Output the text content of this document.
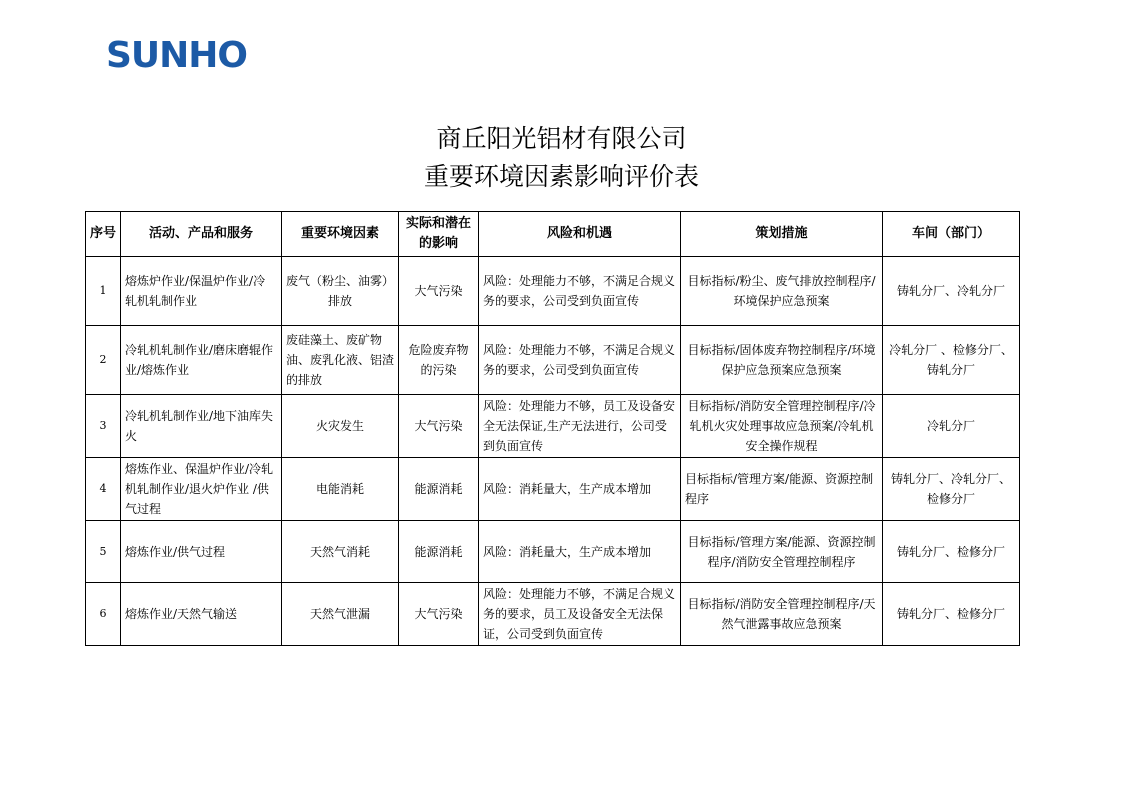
SUNHO
商丘阳光铝材有限公司
重要环境因素影响评价表
序号	活动、产品和服务	重要环境因素	实际和潜在的影响	风险和机遇	策划措施	车间（部门）
1	熔炼炉作业/保温炉作业/冷轧机轧制作业	废气（粉尘、油雾）排放	大气污染	风险：处理能力不够，不满足合规义务的要求，公司受到负面宣传	目标指标/粉尘、废气排放控制程序/环境保护应急预案	铸轧分厂、冷轧分厂
2	冷轧机轧制作业/磨床磨辊作业/熔炼作业	废硅藻土、废矿物油、废乳化液、铝渣的排放	危险废弃物的污染	风险：处理能力不够，不满足合规义务的要求，公司受到负面宣传	目标指标/固体废弃物控制程序/环境保护应急预案应急预案	冷轧分厂 、检修分厂、铸轧分厂
3	冷轧机轧制作业/地下油库失火	火灾发生	大气污染	风险：处理能力不够，员工及设备安全无法保证,生产无法进行，公司受到负面宣传	目标指标/消防安全管理控制程序/冷轧机火灾处理事故应急预案/冷轧机安全操作规程	冷轧分厂
4	熔炼作业、保温炉作业/冷轧机轧制作业/退火炉作业 /供气过程	电能消耗	能源消耗	风险：消耗量大，生产成本增加	目标指标/管理方案/能源、资源控制程序	铸轧分厂、冷轧分厂、检修分厂
5	熔炼作业/供气过程	天然气消耗	能源消耗	风险：消耗量大，生产成本增加	目标指标/管理方案/能源、资源控制程序/消防安全管理控制程序	铸轧分厂、检修分厂
6	熔炼作业/天然气输送	天然气泄漏	大气污染	风险：处理能力不够，不满足合规义务的要求，员工及设备安全无法保证，公司受到负面宣传	目标指标/消防安全管理控制程序/天然气泄露事故应急预案	铸轧分厂、检修分厂
